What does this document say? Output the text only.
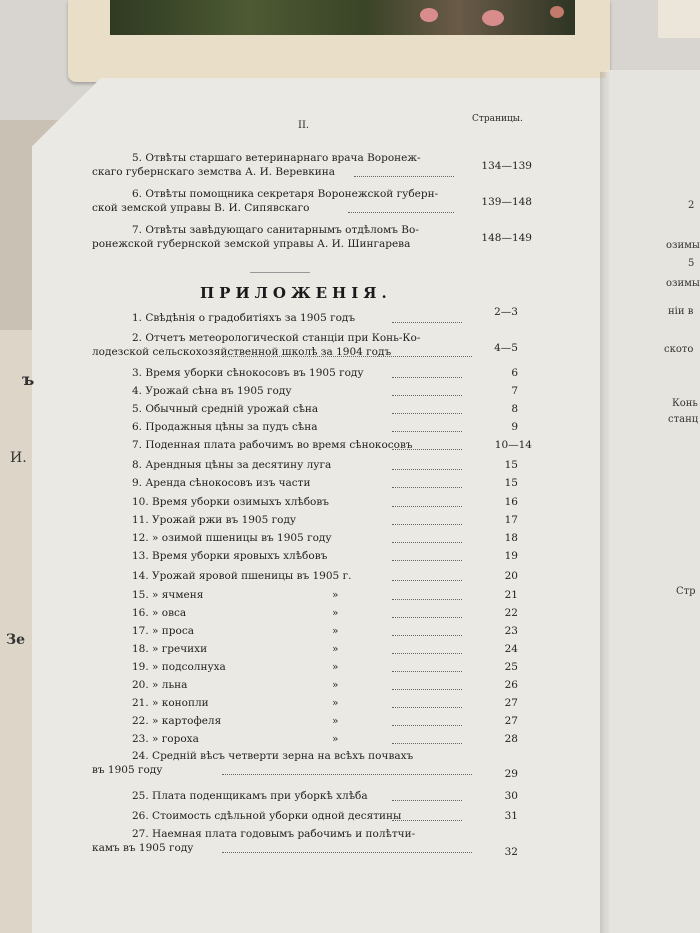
ъ
И.
Зе
2
озимы
5
озимы
ніи в
ското
Конь
станц
Стр
II.
Страницы.
5. Отвѣты старшаго ветеринарнаго врача Воронеж-
скаго губернскаго земства А. И. Веревкина	134—139
6. Отвѣты помощника секретаря Воронежской губерн-
ской земской управы В. И. Сипявскаго	139—148
7. Отвѣты завѣдующаго санитарнымъ отдѣломъ Во-
ронежской губернской земской управы А. И. Шингарева	148—149
ПРИЛОЖЕНІЯ.
1. Свѣдѣнія о градобитіяхъ за 1905 годъ	2—3
2. Отчетъ метеорологической станціи при Конь-Ко-
лодезской сельскохозяйственной школѣ за 1904 годъ	4—5
3. Время уборки сѣнокосовъ въ 1905 году	6
4. Урожай сѣна въ 1905 году	7
5. Обычный средній урожай сѣна	8
6. Продажныя цѣны за пудъ сѣна	9
7. Поденная плата рабочимъ во время сѣнокосовъ	10—14
8. Арендныя цѣны за десятину луга	15
9. Аренда сѣнокосовъ изъ части	15
10. Время уборки озимыхъ хлѣбовъ	16
11. Урожай ржи въ 1905 году	17
12. » озимой пшеницы въ 1905 году	18
13. Время уборки яровыхъ хлѣбовъ	19
14. Урожай яровой пшеницы въ 1905 г.	20
15. » ячменя	»	21
16. » овса	»	22
17. » проса	»	23
18. » гречихи	»	24
19. » подсолнуха	»	25
20. » льна	»	26
21. » конопли	»	27
22. » картофеля	»	27
23. » гороха	»	28
24. Средній вѣсъ четверти зерна на всѣхъ почвахъ
въ 1905 году	29
25. Плата поденщикамъ при уборкѣ хлѣба	30
26. Стоимость сдѣльной уборки одной десятины	31
27. Наемная плата годовымъ рабочимъ и полѣтчи-
камъ въ 1905 году	32
